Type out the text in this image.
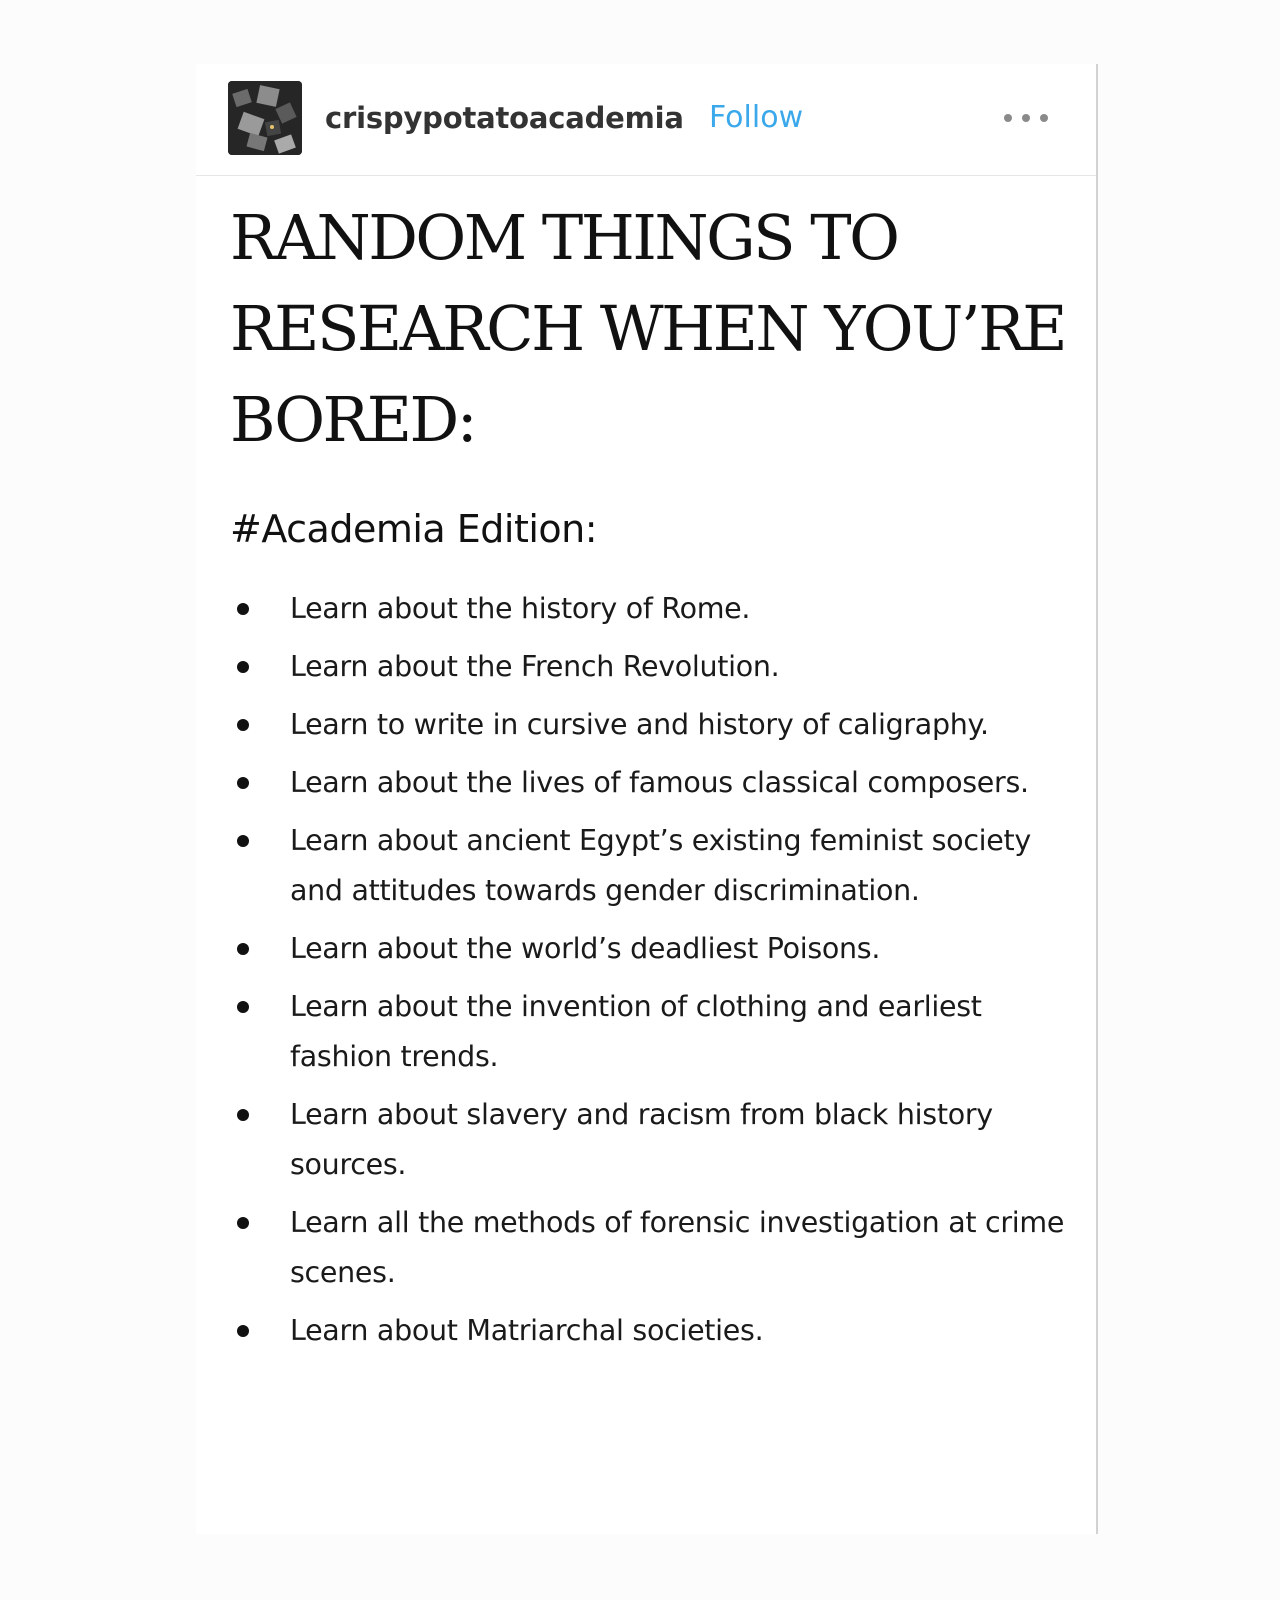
crispypotatoacademia Follow
RANDOM THINGS TO RESEARCH WHEN YOU’RE BORED:
#Academia Edition:
Learn about the history of Rome.
Learn about the French Revolution.
Learn to write in cursive and history of caligraphy.
Learn about the lives of famous classical composers.
Learn about ancient Egypt’s existing feminist society and attitudes towards gender discrimination.
Learn about the world’s deadliest Poisons.
Learn about the invention of clothing and earliest fashion trends.
Learn about slavery and racism from black history sources.
Learn all the methods of forensic investigation at crime scenes.
Learn about Matriarchal societies.
